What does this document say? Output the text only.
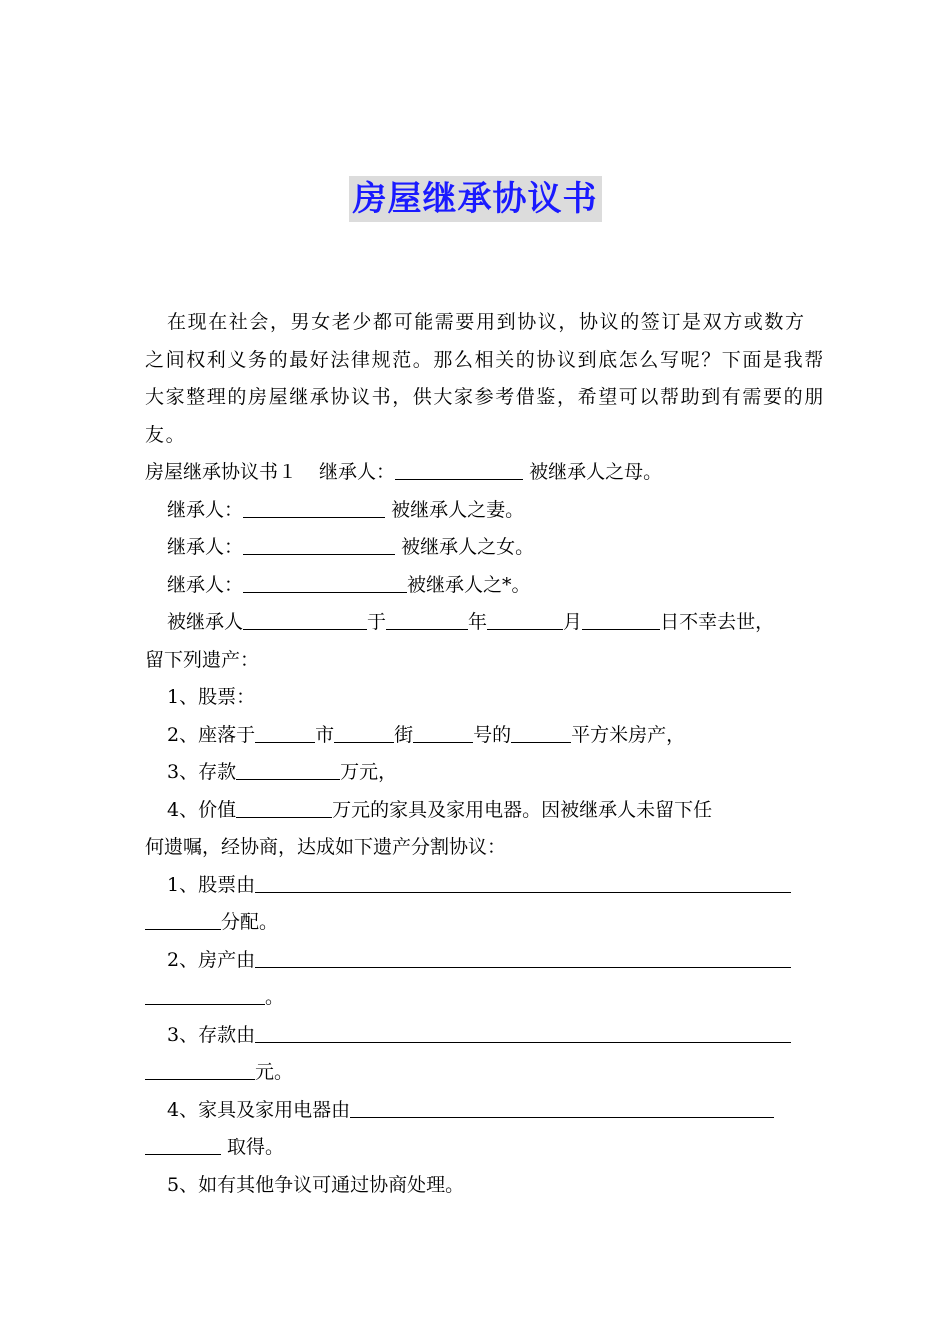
房屋继承协议书

在现在社会，男女老少都可能需要用到协议，协议的签订是双方或数方之间权利义务的最好法律规范。那么相关的协议到底怎么写呢？下面是我帮大家整理的房屋继承协议书，供大家参考借鉴，希望可以帮助到有需要的朋友。

房屋继承协议书１ 继承人：	被继承人之母。

继承人：	被继承人之妻。

继承人：	被继承人之女。

继承人：	被继承人之*。

被继承人	于	年	月	日不幸去世，

留下列遗产：

1、股票：

2、座落于	市	街	号的	平方米房产，

3、存款	万元，

4、价值	万元的家具及家用电器。因被继承人未留下任

何遗嘱，经协商，达成如下遗产分割协议：

1、股票由

分配。

2、房产由

。

3、存款由

元。

4、家具及家用电器由

取得。

5、如有其他争议可通过协商处理。
